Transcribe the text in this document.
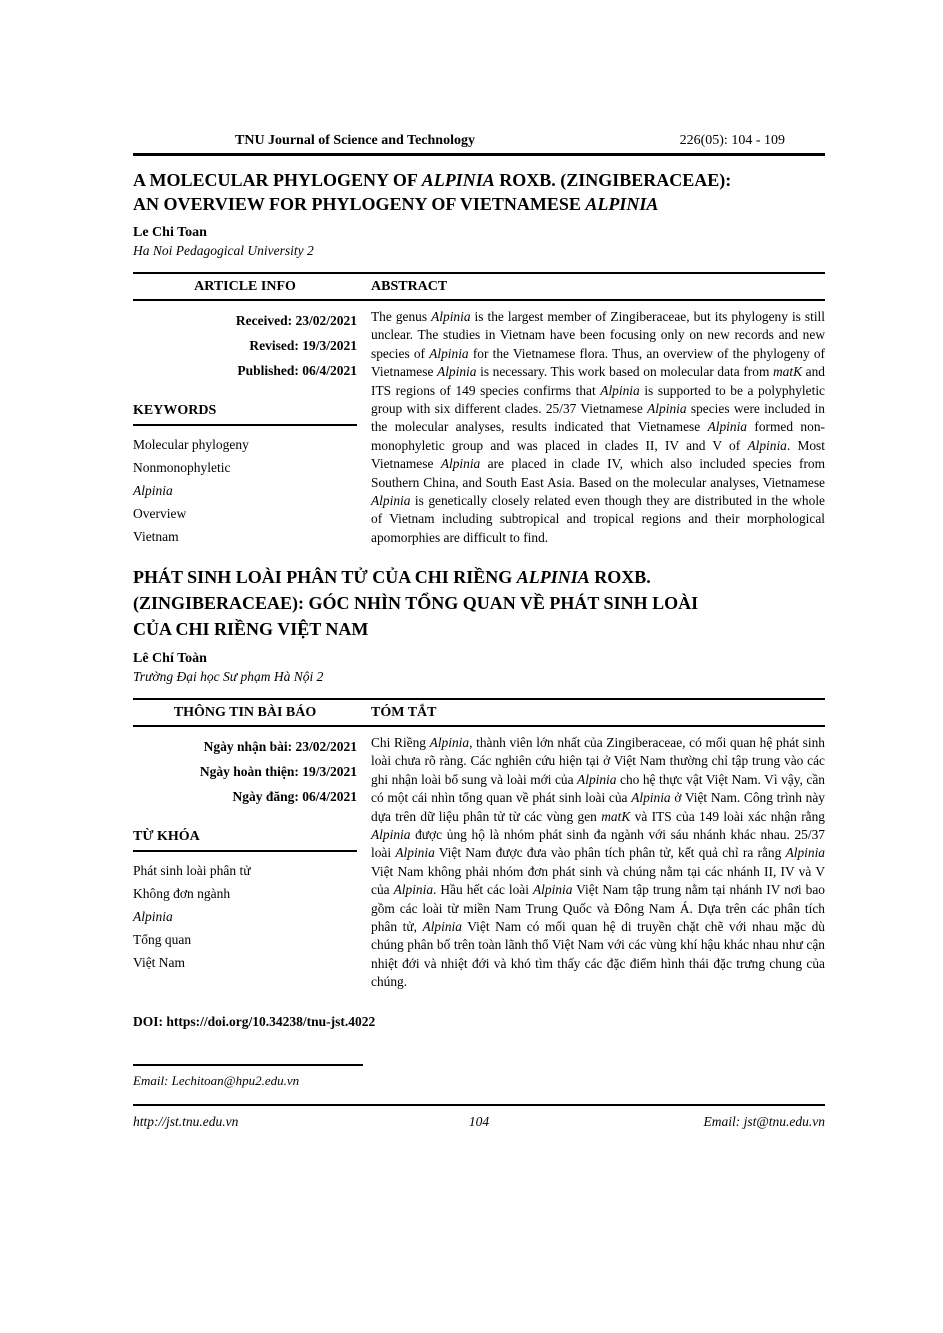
TNU Journal of Science and Technology	226(05): 104 - 109
A MOLECULAR PHYLOGENY OF ALPINIA ROXB. (ZINGIBERACEAE):
AN OVERVIEW FOR PHYLOGENY OF VIETNAMESE ALPINIA
Le Chi Toan
Ha Noi Pedagogical University 2
ARTICLE INFO	ABSTRACT
Received: 23/02/2021
Revised: 19/3/2021
Published: 06/4/2021
KEYWORDS
Molecular phylogeny
Nonmonophyletic
Alpinia
Overview
Vietnam
The genus Alpinia is the largest member of Zingiberaceae, but its phylogeny is still unclear. The studies in Vietnam have been focusing only on new records and new species of Alpinia for the Vietnamese flora. Thus, an overview of the phylogeny of Vietnamese Alpinia is necessary. This work based on molecular data from matK and ITS regions of 149 species confirms that Alpinia is supported to be a polyphyletic group with six different clades. 25/37 Vietnamese Alpinia species were included in the molecular analyses, results indicated that Vietnamese Alpinia formed non-monophyletic group and was placed in clades II, IV and V of Alpinia. Most Vietnamese Alpinia are placed in clade IV, which also included species from Southern China, and South East Asia. Based on the molecular analyses, Vietnamese Alpinia is genetically closely related even though they are distributed in the whole of Vietnam including subtropical and tropical regions and their morphological apomorphies are difficult to find.
PHÁT SINH LOÀI PHÂN TỬ CỦA CHI RIỀNG ALPINIA ROXB.
(ZINGIBERACEAE): GÓC NHÌN TỔNG QUAN VỀ PHÁT SINH LOÀI
CỦA CHI RIỀNG VIỆT NAM
Lê Chí Toàn
Trường Đại học Sư phạm Hà Nội 2
THÔNG TIN BÀI BÁO	TÓM TẮT
Ngày nhận bài: 23/02/2021
Ngày hoàn thiện: 19/3/2021
Ngày đăng: 06/4/2021
TỪ KHÓA
Phát sinh loài phân tử
Không đơn ngành
Alpinia
Tổng quan
Việt Nam
Chi Riềng Alpinia, thành viên lớn nhất của Zingiberaceae, có mối quan hệ phát sinh loài chưa rõ ràng. Các nghiên cứu hiện tại ở Việt Nam thường chỉ tập trung vào các ghi nhận loài bổ sung và loài mới của Alpinia cho hệ thực vật Việt Nam. Vì vậy, cần có một cái nhìn tổng quan về phát sinh loài của Alpinia ở Việt Nam. Công trình này dựa trên dữ liệu phân tử từ các vùng gen matK và ITS của 149 loài xác nhận rằng Alpinia được ủng hộ là nhóm phát sinh đa ngành với sáu nhánh khác nhau. 25/37 loài Alpinia Việt Nam được đưa vào phân tích phân tử, kết quả chỉ ra rằng Alpinia Việt Nam không phải nhóm đơn phát sinh và chúng nằm tại các nhánh II, IV và V của Alpinia. Hầu hết các loài Alpinia Việt Nam tập trung nằm tại nhánh IV nơi bao gồm các loài từ miền Nam Trung Quốc và Đông Nam Á. Dựa trên các phân tích phân tử, Alpinia Việt Nam có mối quan hệ di truyền chặt chẽ với nhau mặc dù chúng phân bố trên toàn lãnh thổ Việt Nam với các vùng khí hậu khác nhau như cận nhiệt đới và nhiệt đới và khó tìm thấy các đặc điểm hình thái đặc trưng chung của chúng.
DOI: https://doi.org/10.34238/tnu-jst.4022
Email: Lechitoan@hpu2.edu.vn
http://jst.tnu.edu.vn	104	Email: jst@tnu.edu.vn
